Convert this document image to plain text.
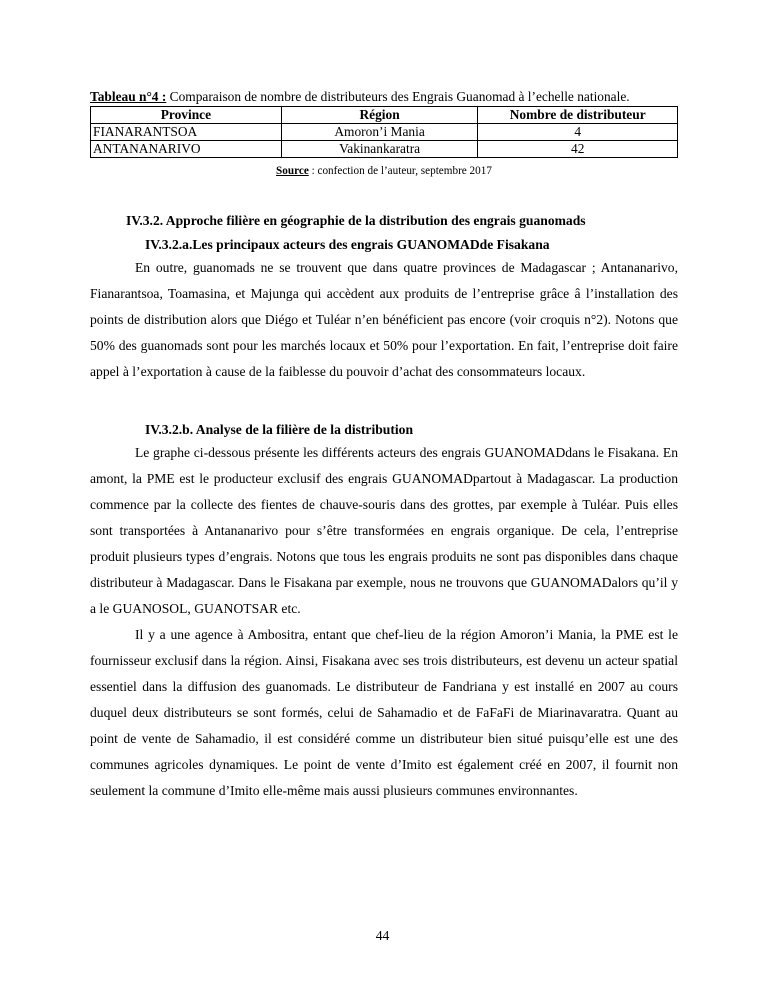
Tableau n°4 : Comparaison de nombre de distributeurs des Engrais Guanomad à l’echelle nationale.
Province	Région	Nombre de distributeur
FIANARANTSOA	Amoron’i Mania	4
ANTANANARIVO	Vakinankaratra	42
Source : confection de l’auteur, septembre 2017
IV.3.2. Approche filière en géographie de la distribution des engrais guanomads
IV.3.2.a.Les principaux acteurs des engrais GUANOMADde Fisakana

En outre, guanomads ne se trouvent que dans quatre provinces de Madagascar ; Antananarivo, Fianarantsoa, Toamasina, et Majunga qui accèdent aux produits de l’entreprise grâce â l’installation des points de distribution alors que Diégo et Tuléar n’en bénéficient pas encore (voir croquis n°2). Notons que 50% des guanomads sont pour les marchés locaux et 50% pour l’exportation. En fait, l’entreprise doit faire appel à l’exportation à cause de la faiblesse du pouvoir d’achat des consommateurs locaux.

IV.3.2.b. Analyse de la filière de la distribution

Le graphe ci-dessous présente les différents acteurs des engrais GUANOMADdans le Fisakana. En amont, la PME est le producteur exclusif des engrais GUANOMADpartout à Madagascar. La production commence par la collecte des fientes de chauve-souris dans des grottes, par exemple à Tuléar. Puis elles sont transportées à Antananarivo pour s’être transformées en engrais organique. De cela, l’entreprise produit plusieurs types d’engrais. Notons que tous les engrais produits ne sont pas disponibles dans chaque distributeur à Madagascar. Dans le Fisakana par exemple, nous ne trouvons que GUANOMADalors qu’il y a le GUANOSOL, GUANOTSAR etc.

Il y a une agence à Ambositra, entant que chef-lieu de la région Amoron’i Mania, la PME est le fournisseur exclusif dans la région. Ainsi, Fisakana avec ses trois distributeurs, est devenu un acteur spatial essentiel dans la diffusion des guanomads. Le distributeur de Fandriana y est installé en 2007 au cours duquel deux distributeurs se sont formés, celui de Sahamadio et de FaFaFi de Miarinavaratra. Quant au point de vente de Sahamadio, il est considéré comme un distributeur bien situé puisqu’elle est une des communes agricoles dynamiques. Le point de vente d’Imito est également créé en 2007, il fournit non seulement la commune d’Imito elle-même mais aussi plusieurs communes environnantes.

44
